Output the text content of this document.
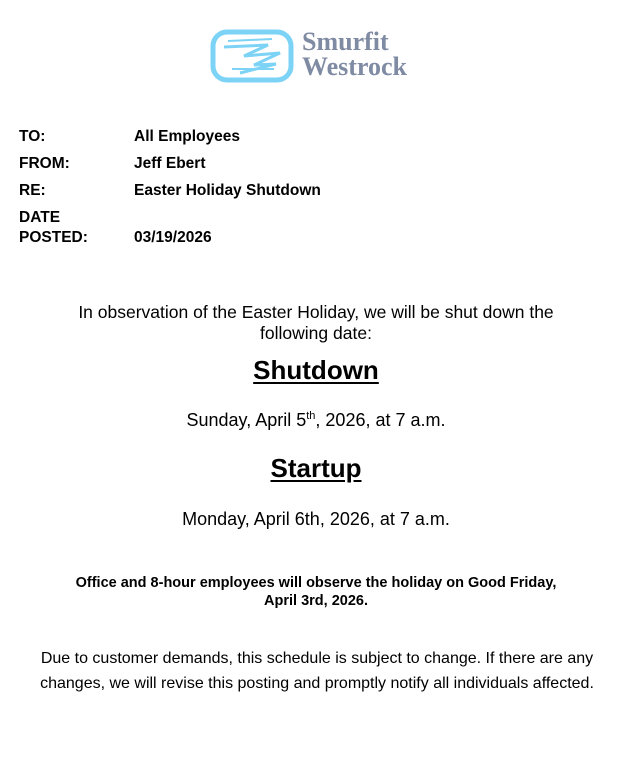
Smurfit
Westrock
TO:	All Employees
FROM:	Jeff Ebert
RE:	Easter Holiday Shutdown
DATE
POSTED:	03/19/2026
In observation of the Easter Holiday, we will be shut down the
following date:
Shutdown
Sunday, April 5th, 2026, at 7 a.m.
Startup
Monday, April 6th, 2026, at 7 a.m.
Office and 8-hour employees will observe the holiday on Good Friday,
April 3rd, 2026.
Due to customer demands, this schedule is subject to change. If there are any
changes, we will revise this posting and promptly notify all individuals affected.
